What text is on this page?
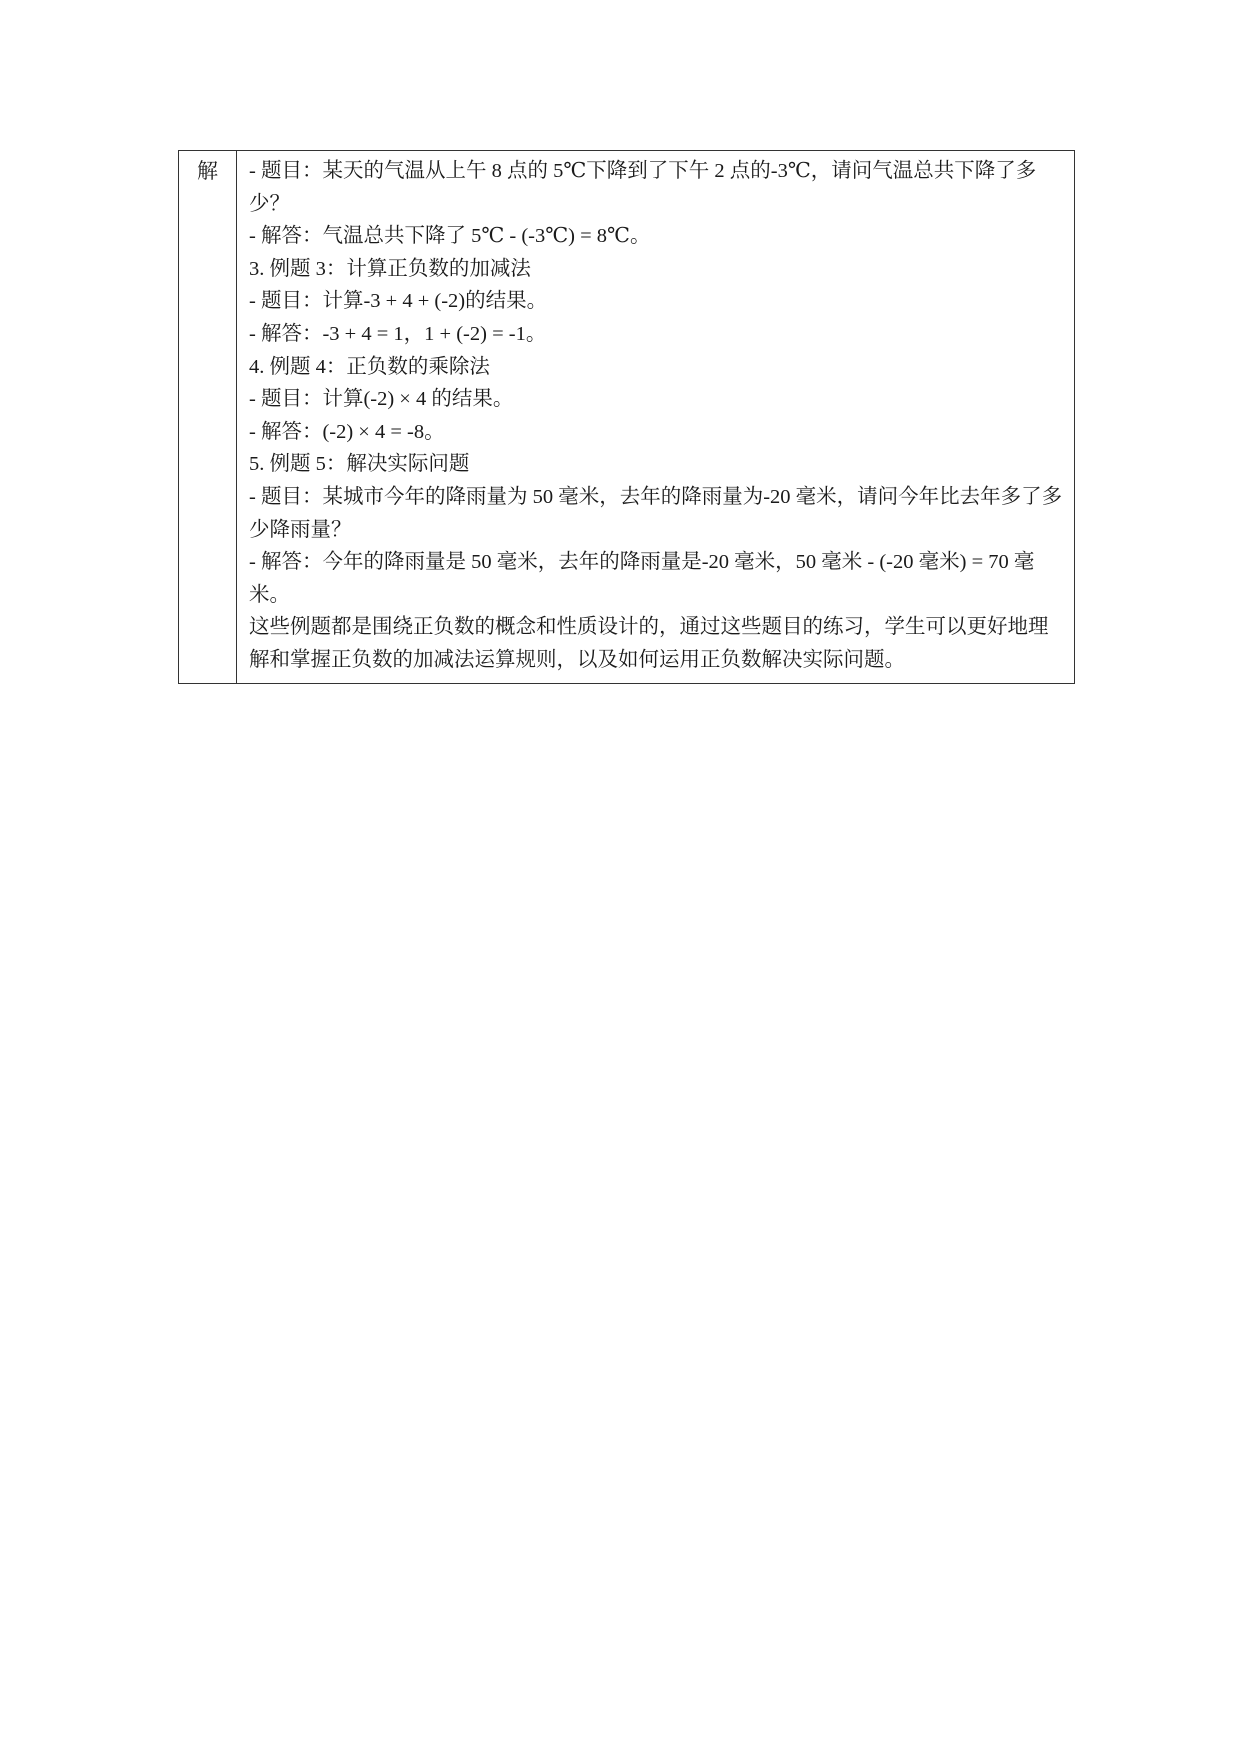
解	- 题目：某天的气温从上午 8 点的 5℃下降到了下午 2 点的-3℃，请问气温总共下降了多少？

- 解答：气温总共下降了 5℃ - (-3℃) = 8℃。

3. 例题 3：计算正负数的加减法

- 题目：计算-3 + 4 + (-2)的结果。

- 解答：-3 + 4 = 1，1 + (-2) = -1。

4. 例题 4：正负数的乘除法

- 题目：计算(-2) × 4 的结果。

- 解答：(-2) × 4 = -8。

5. 例题 5：解决实际问题

- 题目：某城市今年的降雨量为 50 毫米，去年的降雨量为-20 毫米，请问今年比去年多了多少降雨量？

- 解答：今年的降雨量是 50 毫米，去年的降雨量是-20 毫米，50 毫米 - (-20 毫米) = 70 毫米。

这些例题都是围绕正负数的概念和性质设计的，通过这些题目的练习，学生可以更好地理解和掌握正负数的加减法运算规则，以及如何运用正负数解决实际问题。
